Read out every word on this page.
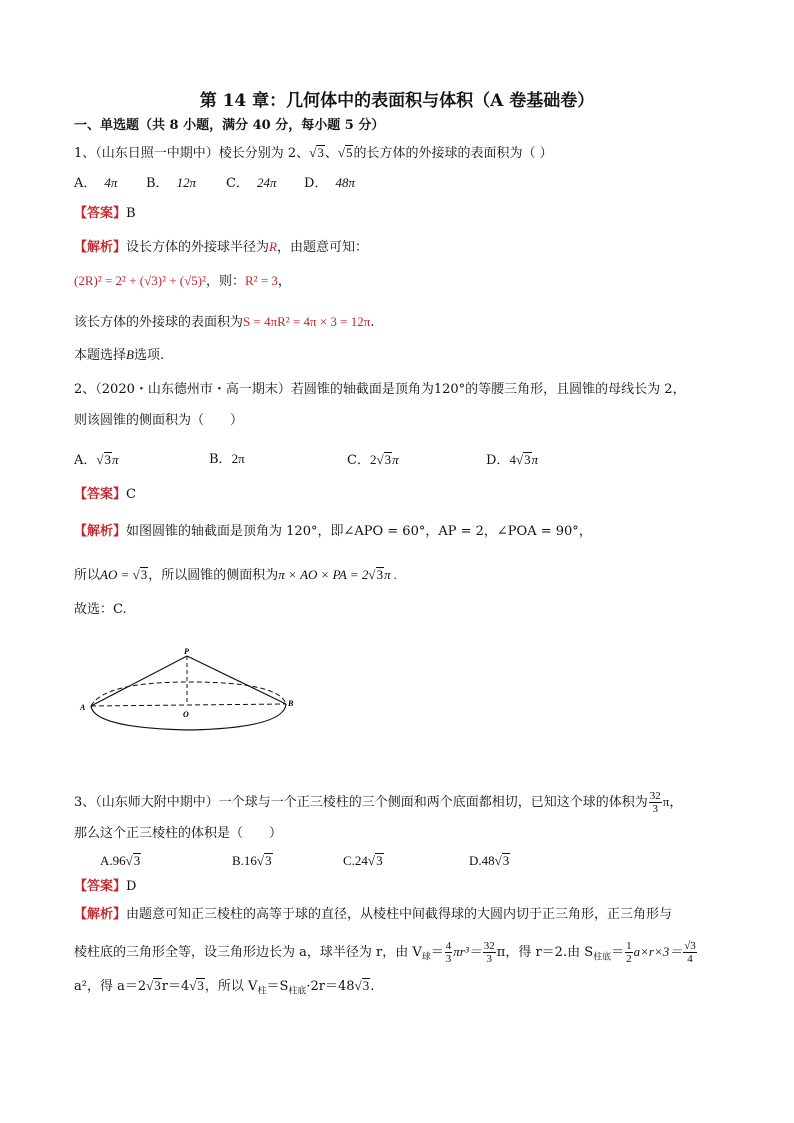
第 14 章：几何体中的表面积与体积（A 卷基础卷）
一、单选题（共 8 小题，满分 40 分，每小题 5 分）
1、（山东日照一中期中）棱长分别为 2、√3、√5的长方体的外接球的表面积为（ ）
A． 4π B． 12π C． 24π D． 48π
【答案】B
【解析】设长方体的外接球半径为R，由题意可知：
(2R)² = 2² + (√3)² + (√5)²，则：R² = 3，
该长方体的外接球的表面积为S = 4πR² = 4π × 3 = 12π.
本题选择B选项.
2、（2020・山东德州市・高一期末）若圆锥的轴截面是顶角为120°的等腰三角形，且圆锥的母线长为 2，
则该圆锥的侧面积为（　　）
A．√3π	B．2π	C．2√3π	D．4√3π
【答案】C
【解析】如图圆锥的轴截面是顶角为 120°，即∠APO = 60°，AP = 2，∠POA = 90°，
所以AO = √3，所以圆锥的侧面积为π × AO × PA = 2√3π .
故选：C.
P
A	B
O
3、（山东师大附中期中）一个球与一个正三棱柱的三个侧面和两个底面都相切，已知这个球的体积为 $\frac{32}{3}$ π，
那么这个正三棱柱的体积是（　　）
A.96√3	B.16√3	C.24√3	D.48√3
【答案】D
【解析】由题意可知正三棱柱的高等于球的直径，从棱柱中间截得球的大圆内切于正三角形，正三角形与
棱柱底的三角形全等，设三角形边长为 a，球半径为 r，由 $V_球= \frac{4}{3} \pi r^3= \frac{32}{3}$ π，得 r＝2.由 $S_{柱底}= \frac{1}{2} a\times r\times 3= \frac{√3}{4}$
a²，得 a＝2√3r＝4√3，所以 $V_柱=S_{柱底}\cdot 2r=48√3$.
